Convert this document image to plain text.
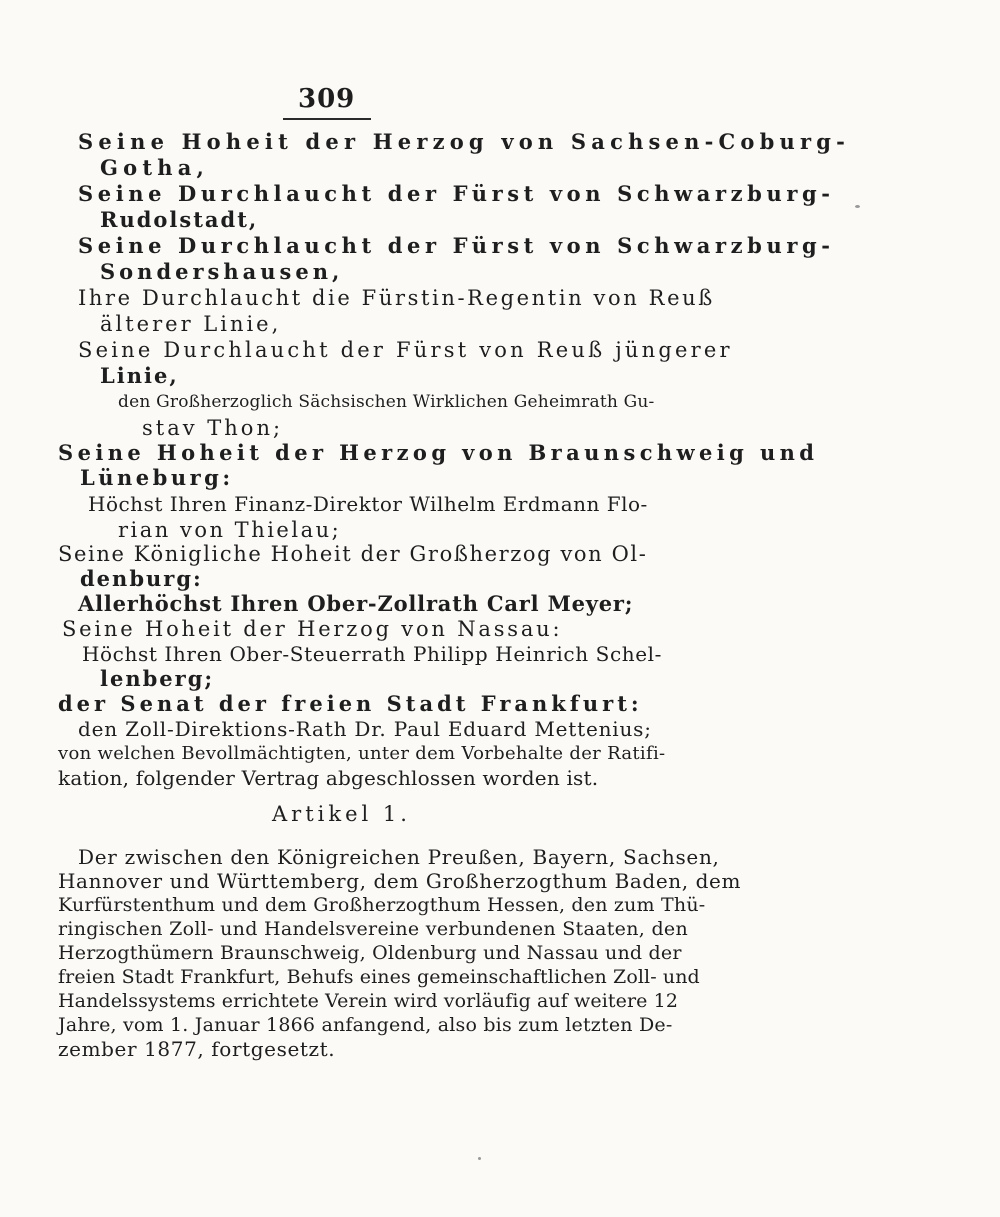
309
Seine Hoheit der Herzog von Sachsen-Coburg-
Gotha,
Seine Durchlaucht der Fürst von Schwarzburg-
Rudolstadt,
Seine Durchlaucht der Fürst von Schwarzburg-
Sondershausen,
Ihre Durchlaucht die Fürstin-Regentin von Reuß
älterer Linie,
Seine Durchlaucht der Fürst von Reuß jüngerer
Linie,
den Großherzoglich Sächsischen Wirklichen Geheimrath Gu-
stav Thon;
Seine Hoheit der Herzog von Braunschweig und
Lüneburg:
Höchst Ihren Finanz-Direktor Wilhelm Erdmann Flo-
rian von Thielau;
Seine Königliche Hoheit der Großherzog von Ol-
denburg:
Allerhöchst Ihren Ober-Zollrath Carl Meyer;
Seine Hoheit der Herzog von Nassau:
Höchst Ihren Ober-Steuerrath Philipp Heinrich Schel-
lenberg;
der Senat der freien Stadt Frankfurt:
den Zoll-Direktions-Rath Dr. Paul Eduard Mettenius;
von welchen Bevollmächtigten, unter dem Vorbehalte der Ratifi-
kation, folgender Vertrag abgeschlossen worden ist.
Artikel 1.
Der zwischen den Königreichen Preußen, Bayern, Sachsen,
Hannover und Württemberg, dem Großherzogthum Baden, dem
Kurfürstenthum und dem Großherzogthum Hessen, den zum Thü-
ringischen Zoll- und Handelsvereine verbundenen Staaten, den
Herzogthümern Braunschweig, Oldenburg und Nassau und der
freien Stadt Frankfurt, Behufs eines gemeinschaftlichen Zoll- und
Handelssystems errichtete Verein wird vorläufig auf weitere 12
Jahre, vom 1. Januar 1866 anfangend, also bis zum letzten De-
zember 1877, fortgesetzt.
